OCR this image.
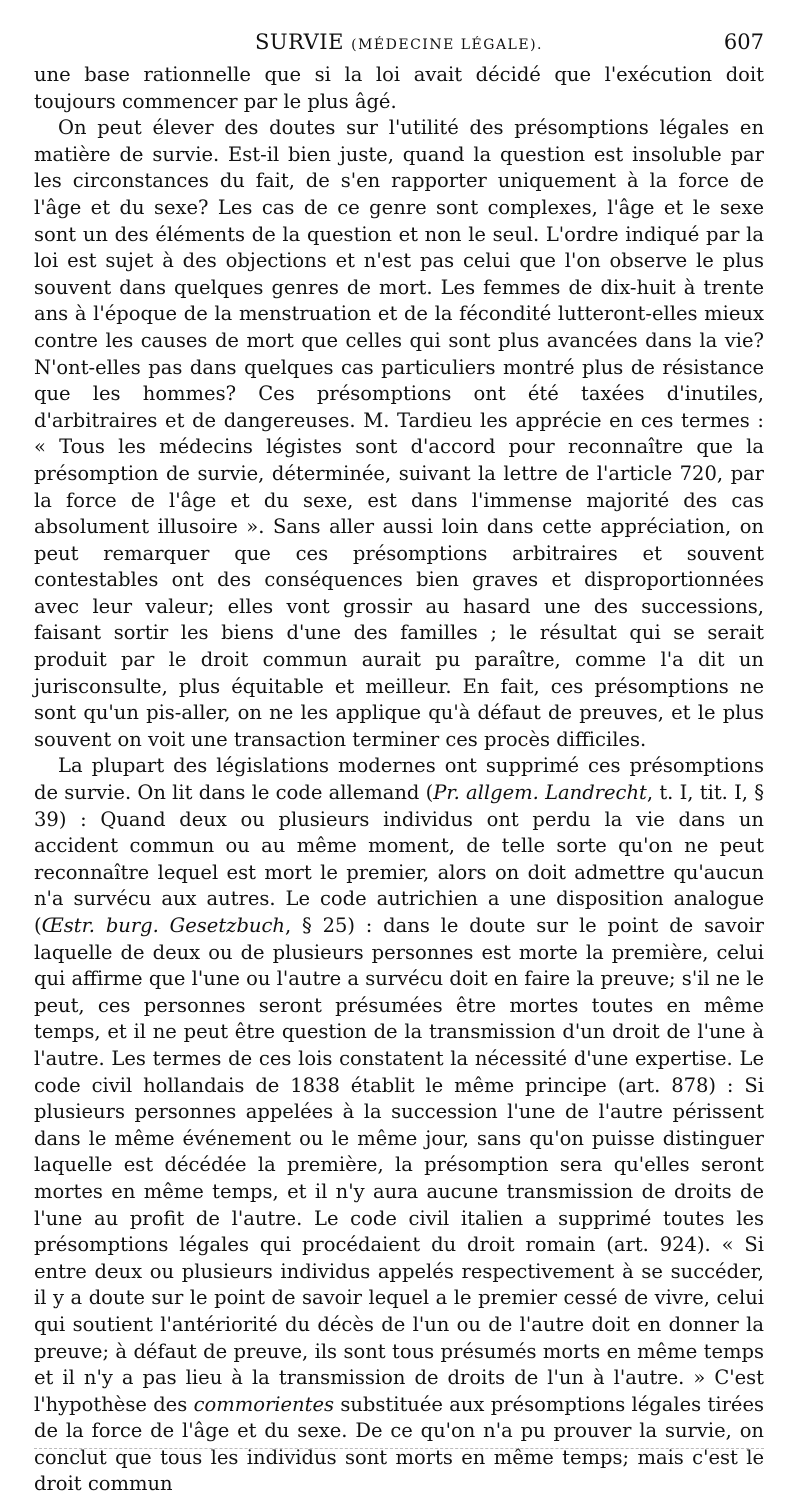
SURVIE (MÉDECINE LÉGALE).	607

une base rationnelle que si la loi avait décidé que l'exécution doit toujours commencer par le plus âgé.

On peut élever des doutes sur l'utilité des présomptions légales en matière de survie. Est-il bien juste, quand la question est insoluble par les circonstances du fait, de s'en rapporter uniquement à la force de l'âge et du sexe? Les cas de ce genre sont complexes, l'âge et le sexe sont un des éléments de la question et non le seul. L'ordre indiqué par la loi est sujet à des objections et n'est pas celui que l'on observe le plus souvent dans quelques genres de mort. Les femmes de dix-huit à trente ans à l'époque de la menstruation et de la fécondité lutteront-elles mieux contre les causes de mort que celles qui sont plus avancées dans la vie? N'ont-elles pas dans quelques cas particuliers montré plus de résistance que les hommes? Ces présomptions ont été taxées d'inutiles, d'arbitraires et de dangereuses. M. Tardieu les apprécie en ces termes : « Tous les médecins légistes sont d'accord pour reconnaître que la présomption de survie, déterminée, suivant la lettre de l'article 720, par la force de l'âge et du sexe, est dans l'immense majorité des cas absolument illusoire ». Sans aller aussi loin dans cette appréciation, on peut remarquer que ces présomptions arbitraires et souvent contestables ont des conséquences bien graves et disproportionnées avec leur valeur; elles vont grossir au hasard une des successions, faisant sortir les biens d'une des familles ; le résultat qui se serait produit par le droit commun aurait pu paraître, comme l'a dit un jurisconsulte, plus équitable et meilleur. En fait, ces présomptions ne sont qu'un pis-aller, on ne les applique qu'à défaut de preuves, et le plus souvent on voit une transaction terminer ces procès difficiles.

La plupart des législations modernes ont supprimé ces présomptions de survie. On lit dans le code allemand (Pr. allgem. Landrecht, t. I, tit. I, § 39) : Quand deux ou plusieurs individus ont perdu la vie dans un accident commun ou au même moment, de telle sorte qu'on ne peut reconnaître lequel est mort le premier, alors on doit admettre qu'aucun n'a survécu aux autres. Le code autrichien a une disposition analogue (Œstr. burg. Gesetzbuch, § 25) : dans le doute sur le point de savoir laquelle de deux ou de plusieurs personnes est morte la première, celui qui affirme que l'une ou l'autre a survécu doit en faire la preuve; s'il ne le peut, ces personnes seront présumées être mortes toutes en même temps, et il ne peut être question de la transmission d'un droit de l'une à l'autre. Les termes de ces lois constatent la nécessité d'une expertise. Le code civil hollandais de 1838 établit le même principe (art. 878) : Si plusieurs personnes appelées à la succession l'une de l'autre périssent dans le même événement ou le même jour, sans qu'on puisse distinguer laquelle est décédée la première, la présomption sera qu'elles seront mortes en même temps, et il n'y aura aucune transmission de droits de l'une au profit de l'autre. Le code civil italien a supprimé toutes les présomptions légales qui procédaient du droit romain (art. 924). « Si entre deux ou plusieurs individus appelés respectivement à se succéder, il y a doute sur le point de savoir lequel a le premier cessé de vivre, celui qui soutient l'antériorité du décès de l'un ou de l'autre doit en donner la preuve; à défaut de preuve, ils sont tous présumés morts en même temps et il n'y a pas lieu à la transmission de droits de l'un à l'autre. » C'est l'hypothèse des commorientes substituée aux présomptions légales tirées de la force de l'âge et du sexe. De ce qu'on n'a pu prouver la survie, on conclut que tous les individus sont morts en même temps; mais c'est le droit commun
